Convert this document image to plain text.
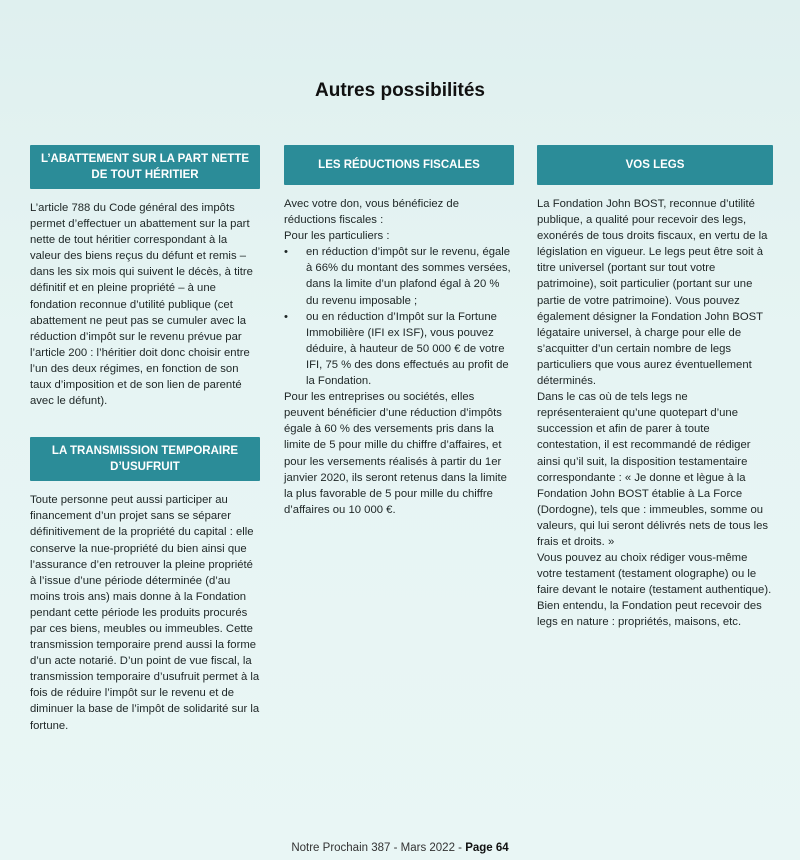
Autres possibilités
L’ABATTEMENT SUR LA PART NETTE DE TOUT HÉRITIER

L’article 788 du Code général des impôts permet d’effectuer un abattement sur la part nette de tout héritier correspondant à la valeur des biens reçus du défunt et remis – dans les six mois qui suivent le décès, à titre définitif et en pleine propriété – à une fondation reconnue d’utilité publique (cet abattement ne peut pas se cumuler avec la réduction d’impôt sur le revenu prévue par l’article 200 : l’héritier doit donc choisir entre l’un des deux régimes, en fonction de son taux d’imposition et de son lien de parenté avec le défunt).

LA TRANSMISSION TEMPORAIRE D’USUFRUIT

Toute personne peut aussi participer au financement d’un projet sans se séparer définitivement de la propriété du capital : elle conserve la nue-propriété du bien ainsi que l’assurance d’en retrouver la pleine propriété à l’issue d’une période déterminée (d’au moins trois ans) mais donne à la Fondation pendant cette période les produits procurés par ces biens, meubles ou immeubles. Cette transmission temporaire prend aussi la forme d’un acte notarié. D’un point de vue fiscal, la transmission temporaire d’usufruit permet à la fois de réduire l’impôt sur le revenu et de diminuer la base de l’impôt de solidarité sur la fortune.

LES RÉDUCTIONS FISCALES

Avec votre don, vous bénéficiez de réductions fiscales :

Pour les particuliers :

•	en réduction d’impôt sur le revenu, égale à 66% du montant des sommes versées, dans la limite d’un plafond égal à 20 % du revenu imposable ;
•	ou en réduction d’Impôt sur la Fortune Immobilière (IFI ex ISF), vous pouvez déduire, à hauteur de 50 000 € de votre IFI, 75 % des dons effectués au profit de la Fondation.

Pour les entreprises ou sociétés, elles peuvent bénéficier d’une réduction d’impôts égale à 60 % des versements pris dans la limite de 5 pour mille du chiffre d’affaires, et pour les versements réalisés à partir du 1er janvier 2020, ils seront retenus dans la limite la plus favorable de 5 pour mille du chiffre d’affaires ou 10 000 €.

VOS LEGS

La Fondation John BOST, reconnue d’utilité publique, a qualité pour recevoir des legs, exonérés de tous droits fiscaux, en vertu de la législation en vigueur. Le legs peut être soit à titre universel (portant sur tout votre patrimoine), soit particulier (portant sur une partie de votre patrimoine). Vous pouvez également désigner la Fondation John BOST légataire universel, à charge pour elle de s’acquitter d’un certain nombre de legs particuliers que vous aurez éventuellement déterminés.

Dans le cas où de tels legs ne représenteraient qu’une quotepart d’une succession et afin de parer à toute contestation, il est recommandé de rédiger ainsi qu’il suit, la disposition testamentaire correspondante : « Je donne et lègue à la Fondation John BOST établie à La Force (Dordogne), tels que : immeubles, somme ou valeurs, qui lui seront délivrés nets de tous les frais et droits. »

Vous pouvez au choix rédiger vous-même votre testament (testament olographe) ou le faire devant le notaire (testament authentique). Bien entendu, la Fondation peut recevoir des legs en nature : propriétés, maisons, etc.

Notre Prochain 387 - Mars 2022 - Page 64
